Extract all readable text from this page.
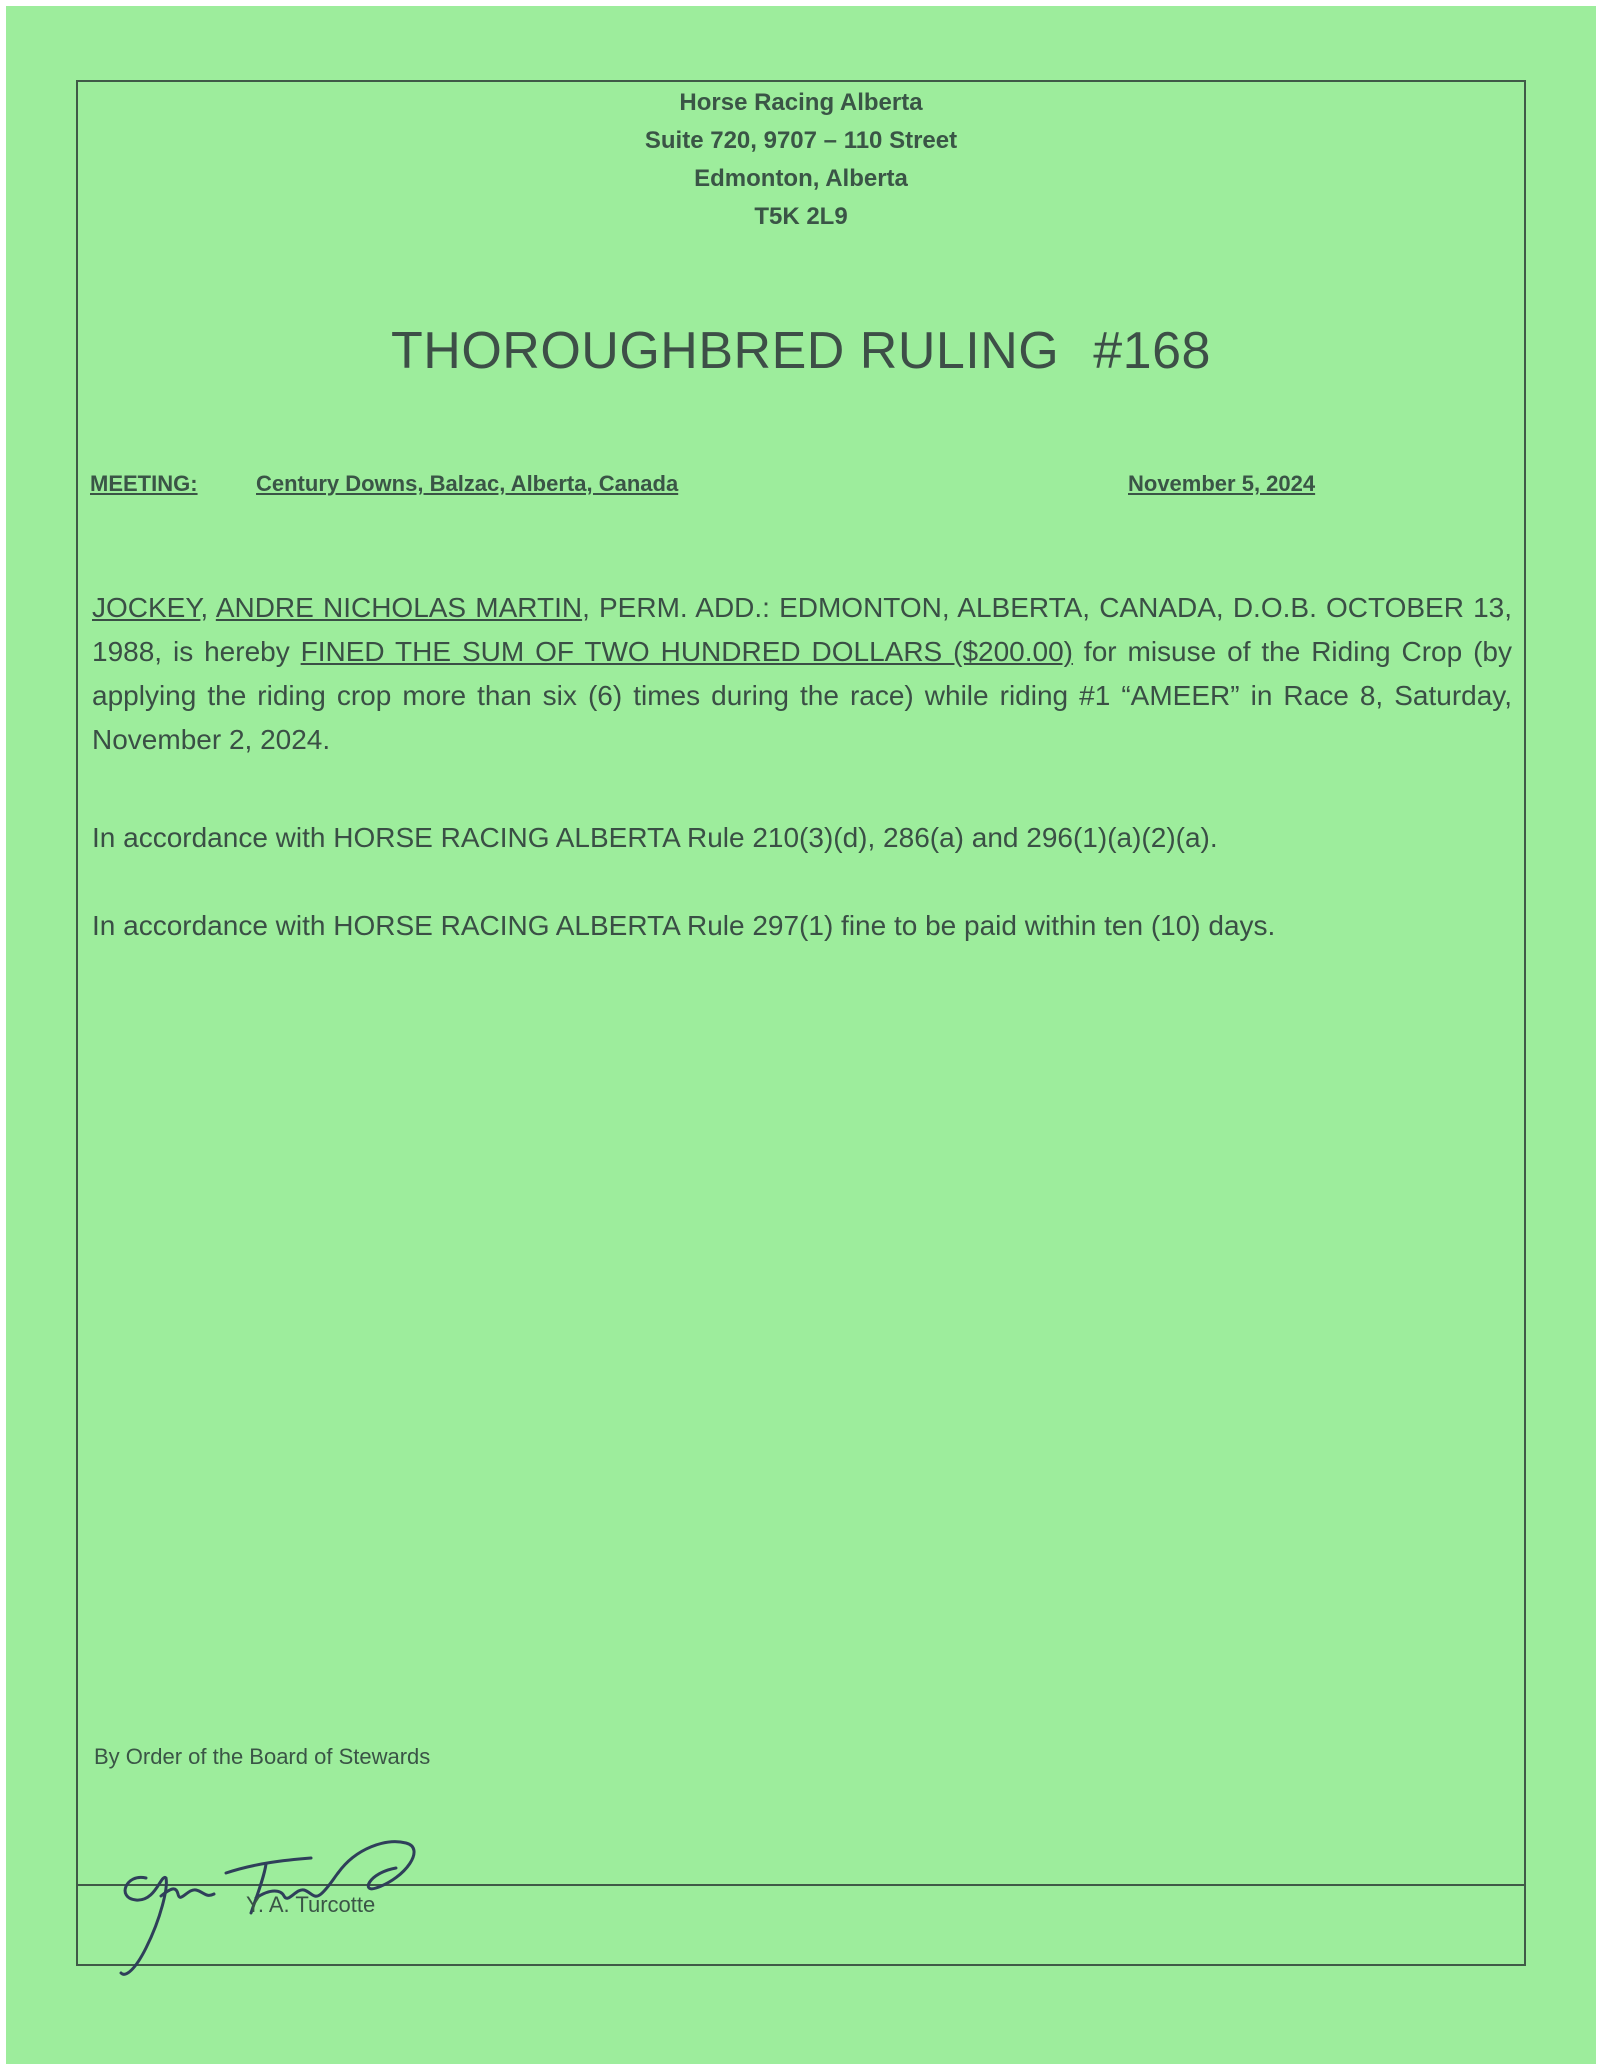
Horse Racing Alberta
Suite 720, 9707 – 110 Street
Edmonton, Alberta
T5K 2L9
THOROUGHBRED RULING #168
MEETING:	Century Downs, Balzac, Alberta, Canada	November 5, 2024
JOCKEY, ANDRE NICHOLAS MARTIN, PERM. ADD.: EDMONTON, ALBERTA, CANADA, D.O.B. OCTOBER 13, 1988, is hereby FINED THE SUM OF TWO HUNDRED DOLLARS ($200.00) for misuse of the Riding Crop (by applying the riding crop more than six (6) times during the race) while riding #1 “AMEER” in Race 8, Saturday, November 2, 2024.
In accordance with HORSE RACING ALBERTA Rule 210(3)(d), 286(a) and 296(1)(a)(2)(a).
In accordance with HORSE RACING ALBERTA Rule 297(1) fine to be paid within ten (10) days.
By Order of the Board of Stewards
Y. A. Turcotte
